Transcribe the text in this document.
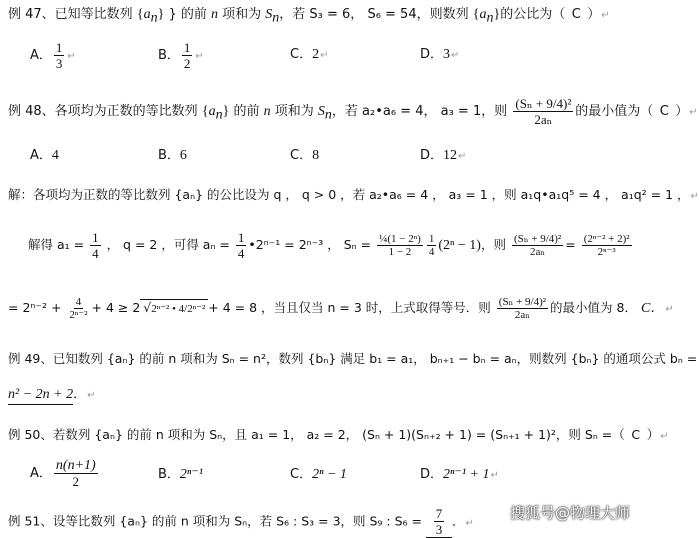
例 47、已知等比数列 $\{a_n\}$ } 的前 n 项和为 $S_n$，若 S₃ = 6， S₆ = 54，则数列 $\{a_n\}$的公比为（ C ）↵
A． $\frac{1}{3}$ ↵	B． $\frac{1}{2}$ ↵	C．2↵	D．3↵
例 48、各项均为正数的等比数列 $\{a_n\}$ 的前 n 项和为 $S_n$，若 a₂•a₆ = 4， a₃ = 1，则 $\frac{\text{(Sₙ + 9/4)²}}{\text{2aₙ}}$ 的最小值为（ C ）↵
A．4	B．6	C．8	D．12↵
解：各项均为正数的等比数列 {aₙ} 的公比设为 q ， q > 0 ，若 a₂•a₆ = 4 ， a₃ = 1 ，则 a₁q•a₁q⁵ = 4 ， a₁q² = 1 ，↵
解得 $a_1 = \frac{1}{4}$ ， q = 2 ，可得 $a_n = \frac{1}{4}$ •2ⁿ⁻¹ = 2ⁿ⁻³ ， $S_n = \frac{\text{¼(1 − 2ⁿ)}}{1 - 2} \frac{1}{4} (2^n - 1)$，则 $\frac{\text{(Sₙ + 9/4)²}}{\text{2aₙ}} = \frac{\text{(2ⁿ⁻² + 2)²}}{\text{2ⁿ⁻³}}$
= $2^{n-2} + \frac{4}{\text{2ⁿ⁻²}} + 4 \ge 2$ √2ⁿ⁻² • 4/2ⁿ⁻² + 4 = 8 ，当且仅当 n = 3 时，上式取得等号．则 $\frac{\text{(Sₙ + 9/4)²}}{\text{2aₙ}}$ 的最小值为 8． C．↵
例 49、已知数列 {aₙ} 的前 n 项和为 Sₙ = n²，数列 {bₙ} 满足 b₁ = a₁， bₙ₊₁ − bₙ = aₙ，则数列 {bₙ} 的通项公式 bₙ =
n² − 2n + 2．↵
例 50、若数列 {aₙ} 的前 n 项和为 Sₙ，且 a₁ = 1， a₂ = 2， (Sₙ + 1)(Sₙ₊₂ + 1) = (Sₙ₊₁ + 1)²，则 Sₙ =（ C ）↵
A． $\frac{n(n+1)}{2}$	B．2ⁿ⁻¹	C．2ⁿ − 1	D．2ⁿ⁻¹ + 1↵
例 51、设等比数列 {aₙ} 的前 n 项和为 Sₙ，若 S₆ : S₃ = 3，则 S₉ : $S_6 = \frac{7}{3}$ ．↵
搜狐号@物理大师
